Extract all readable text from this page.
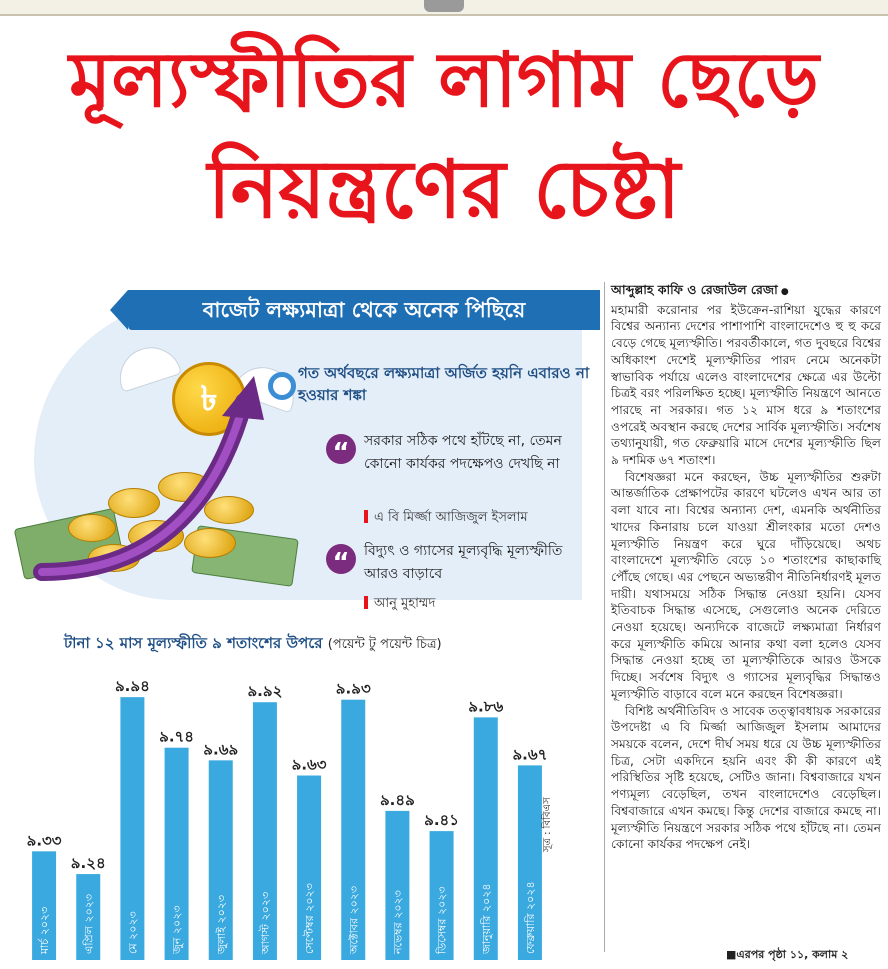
মূল্যস্ফীতির লাগাম ছেড়ে
নিয়ন্ত্রণের চেষ্টা
বাজেট লক্ষ্যমাত্রা থেকে অনেক পিছিয়ে
৳
গত অর্থবছরে লক্ষ্যমাত্রা অর্জিত হয়নি এবারও না হওয়ার শঙ্কা
“	সরকার সঠিক পথে হাঁটছে না, তেমন কোনো কার্যকর পদক্ষেপও দেখছি না
এ বি মির্জ্জা আজিজুল ইসলাম
“	বিদ্যুৎ ও গ্যাসের মূল্যবৃদ্ধি মূল্যস্ফীতি আরও বাড়াবে
আনু মুহাম্মদ
টানা ১২ মাস মূল্যস্ফীতি ৯ শতাংশের উপরে (পয়েন্ট টু পয়েন্ট চিত্র)
৯.৩৩
মার্চ ২০২৩
৯.২৪
এপ্রিল ২০২৩
৯.৯৪
মে ২০২৩
৯.৭৪
জুন ২০২৩
৯.৬৯
জুলাই ২০২৩
৯.৯২
আগস্ট ২০২৩
৯.৬৩
সেপ্টেম্বর ২০২৩
৯.৯৩
অক্টোবর ২০২৩
৯.৪৯
নভেম্বর ২০২৩
৯.৪১
ডিসেম্বর ২০২৩
৯.৮৬
জানুয়ারি ২০২৪
৯.৬৭
ফেব্রুয়ারি ২০২৪
সূত্র : বিবিএস
আব্দুল্লাহ কাফি ও রেজাউল রেজা ●

মহামারী করোনার পর ইউক্রেন-রাশিয়া যুদ্ধের কারণে বিশ্বের অন্যান্য দেশের পাশাপাশি বাংলাদেশেও হু হু করে বেড়ে গেছে মূল্যস্ফীতি। পরবর্তীকালে, গত দুবছরে বিশ্বের অধিকাংশ দেশেই মূল্যস্ফীতির পারদ নেমে অনেকটা স্বাভাবিক পর্যায়ে এলেও বাংলাদেশের ক্ষেত্রে এর উল্টো চিত্রই বরং পরিলক্ষিত হচ্ছে। মূল্যস্ফীতি নিয়ন্ত্রণে আনতে পারছে না সরকার। গত ১২ মাস ধরে ৯ শতাংশের ওপরেই অবস্থান করছে দেশের সার্বিক মূল্যস্ফীতি। সর্বশেষ তথ্যানুযায়ী, গত ফেব্রুয়ারি মাসে দেশের মূল্যস্ফীতি ছিল ৯ দশমিক ৬৭ শতাংশ।

বিশেষজ্ঞরা মনে করছেন, উচ্চ মূল্যস্ফীতির শুরুটা আন্তর্জাতিক প্রেক্ষাপটের কারণে ঘটলেও এখন আর তা বলা যাবে না। বিশ্বের অন্যান্য দেশ, এমনকি অর্থনীতির খাদের কিনারায় চলে যাওয়া শ্রীলংকার মতো দেশও মূল্যস্ফীতি নিয়ন্ত্রণ করে ঘুরে দাঁড়িয়েছে। অথচ বাংলাদেশে মূল্যস্ফীতি বেড়ে ১০ শতাংশের কাছাকাছি পৌঁছে গেছে। এর পেছনে অভ্যন্তরীণ নীতিনির্ধারণই মূলত দায়ী। যথাসময়ে সঠিক সিদ্ধান্ত নেওয়া হয়নি। যেসব ইতিবাচক সিদ্ধান্ত এসেছে, সেগুলোও অনেক দেরিতে নেওয়া হয়েছে। অন্যদিকে বাজেটে লক্ষ্যমাত্রা নির্ধারণ করে মূল্যস্ফীতি কমিয়ে আনার কথা বলা হলেও যেসব সিদ্ধান্ত নেওয়া হচ্ছে তা মূল্যস্ফীতিকে আরও উসকে দিচ্ছে। সর্বশেষ বিদ্যুৎ ও গ্যাসের মূল্যবৃদ্ধির সিদ্ধান্তও মূল্যস্ফীতি বাড়াবে বলে মনে করছেন বিশেষজ্ঞরা।

বিশিষ্ট অর্থনীতিবিদ ও সাবেক তত্ত্বাবধায়ক সরকারের উপদেষ্টা এ বি মির্জ্জা আজিজুল ইসলাম আমাদের সময়কে বলেন, দেশে দীর্ঘ সময় ধরে যে উচ্চ মূল্যস্ফীতির চিত্র, সেটা একদিনে হয়নি এবং কী কী কারণে এই পরিস্থিতির সৃষ্টি হয়েছে, সেটিও জানা। বিশ্ববাজারে যখন পণ্যমূল্য বেড়েছিল, তখন বাংলাদেশেও বেড়েছিল। বিশ্ববাজারে এখন কমছে। কিন্তু দেশের বাজারে কমছে না। মূল্যস্ফীতি নিয়ন্ত্রণে সরকার সঠিক পথে হাঁটছে না। তেমন কোনো কার্যকর পদক্ষেপ নেই।

■ এরপর পৃষ্ঠা ১১, কলাম ২
